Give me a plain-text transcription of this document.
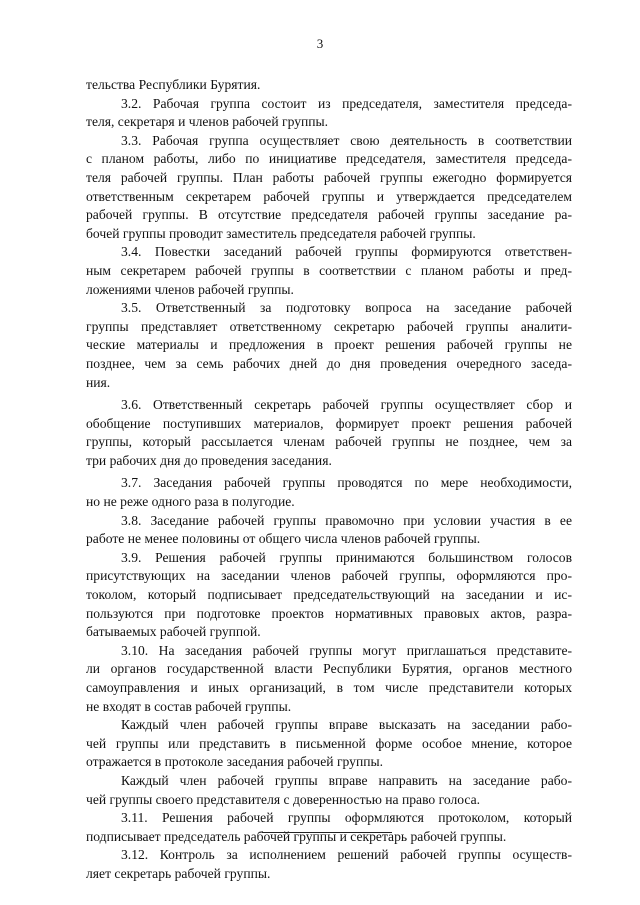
3
тельства Республики Бурятия.
3.2. Рабочая группа состоит из председателя, заместителя председа-
теля, секретаря и членов рабочей группы.
3.3. Рабочая группа осуществляет свою деятельность в соответствии
с планом работы, либо по инициативе председателя, заместителя председа-
теля рабочей группы. План работы рабочей группы ежегодно формируется
ответственным секретарем рабочей группы и утверждается председателем
рабочей группы. В отсутствие председателя рабочей группы заседание ра-
бочей группы проводит заместитель председателя рабочей группы.
3.4. Повестки заседаний рабочей группы формируются ответствен-
ным секретарем рабочей группы в соответствии с планом работы и пред-
ложениями членов рабочей группы.
3.5. Ответственный за подготовку вопроса на заседание рабочей
группы представляет ответственному секретарю рабочей группы аналити-
ческие материалы и предложения в проект решения рабочей группы не
позднее, чем за семь рабочих дней до дня проведения очередного заседа-
ния.
3.6. Ответственный секретарь рабочей группы осуществляет сбор и
обобщение поступивших материалов, формирует проект решения рабочей
группы, который рассылается членам рабочей группы не позднее, чем за
три рабочих дня до проведения заседания.
3.7. Заседания рабочей группы проводятся по мере необходимости,
но не реже одного раза в полугодие.
3.8. Заседание рабочей группы правомочно при условии участия в ее
работе не менее половины от общего числа членов рабочей группы.
3.9. Решения рабочей группы принимаются большинством голосов
присутствующих на заседании членов рабочей группы, оформляются про-
токолом, который подписывает председательствующий на заседании и ис-
пользуются при подготовке проектов нормативных правовых актов, разра-
батываемых рабочей группой.
3.10. На заседания рабочей группы могут приглашаться представите-
ли органов государственной власти Республики Бурятия, органов местного
самоуправления и иных организаций, в том числе представители которых
не входят в состав рабочей группы.
Каждый член рабочей группы вправе высказать на заседании рабо-
чей группы или представить в письменной форме особое мнение, которое
отражается в протоколе заседания рабочей группы.
Каждый член рабочей группы вправе направить на заседание рабо-
чей группы своего представителя с доверенностью на право голоса.
3.11. Решения рабочей группы оформляются протоколом, который
подписывает председатель рабочей группы и секретарь рабочей группы.
3.12. Контроль за исполнением решений рабочей группы осуществ-
ляет секретарь рабочей группы.
